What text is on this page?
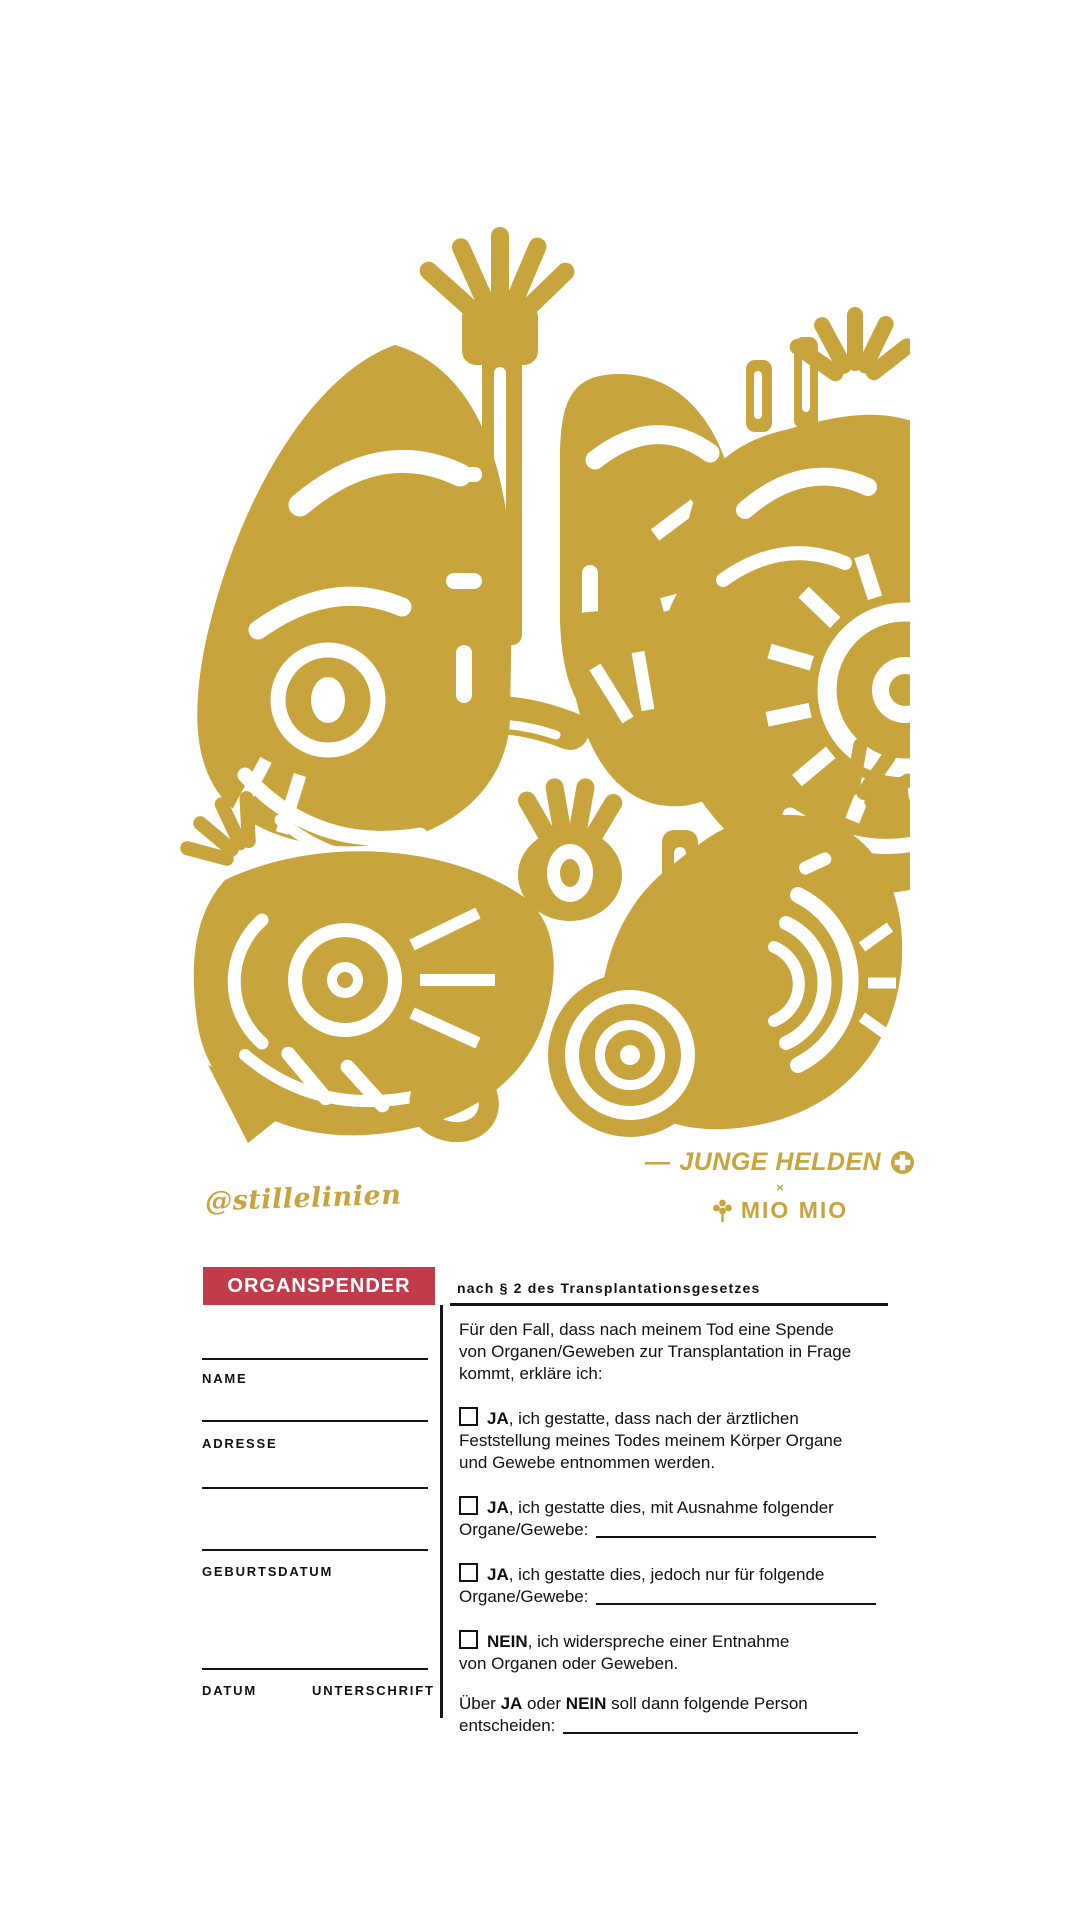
— JUNGE HELDEN
×
MIO MIO
@stillelinien
ORGANSPENDER	nach § 2 des Transplantationsgesetzes
NAME
ADRESSE
GEBURTSDATUM
DATUM	UNTERSCHRIFT
Für den Fall, dass nach meinem Tod eine Spende
von Organen/Geweben zur Transplantation in Frage
kommt, erkläre ich:
JA, ich gestatte, dass nach der ärztlichen
Feststellung meines Todes meinem Körper Organe
und Gewebe entnommen werden.
JA, ich gestatte dies, mit Ausnahme folgender
Organe/Gewebe:
JA, ich gestatte dies, jedoch nur für folgende
Organe/Gewebe:
NEIN, ich widerspreche einer Entnahme
von Organen oder Geweben.
Über JA oder NEIN soll dann folgende Person
entscheiden:
